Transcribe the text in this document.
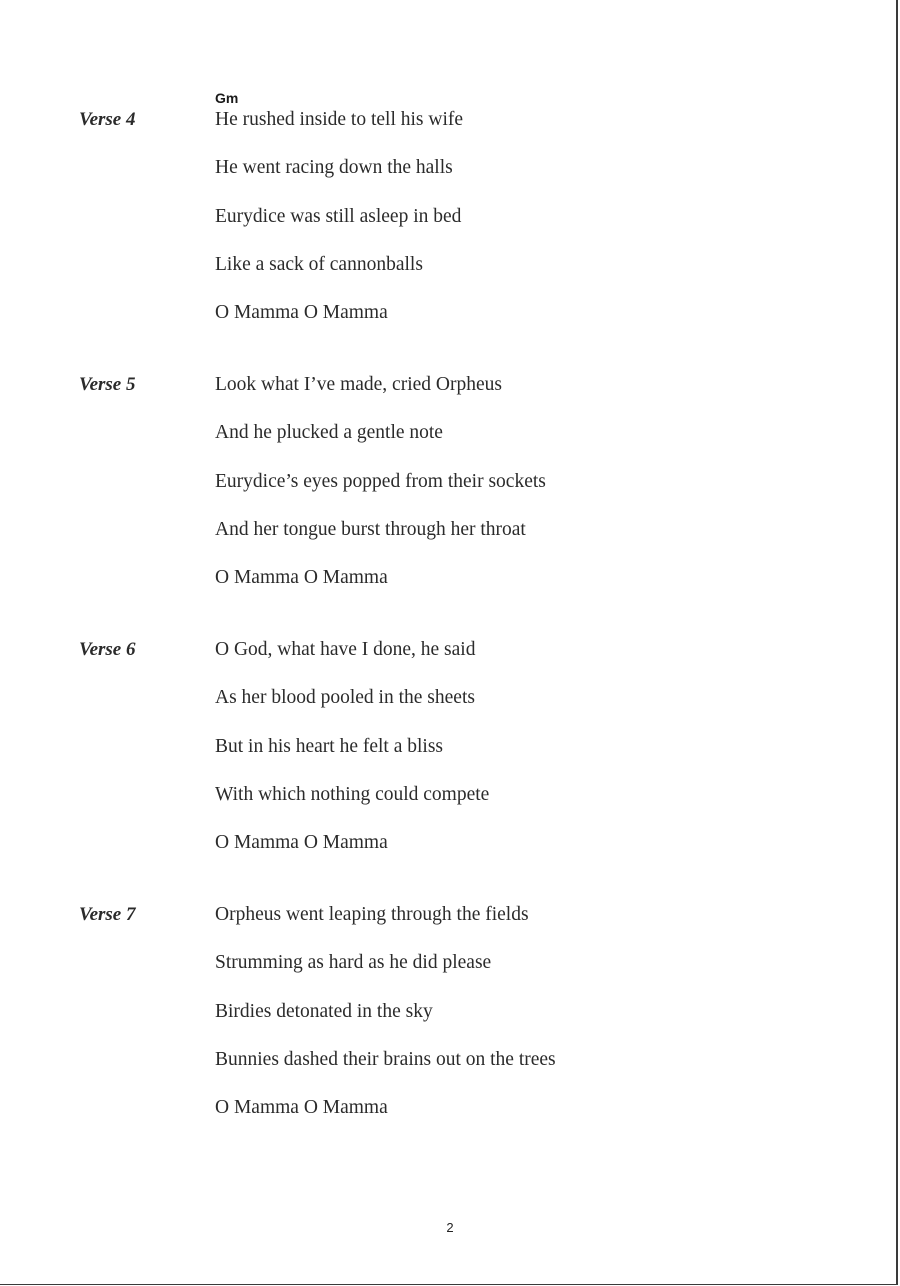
Gm
Verse 4	He rushed inside to tell his wife
He went racing down the halls
Eurydice was still asleep in bed
Like a sack of cannonballs
O Mamma O Mamma
Verse 5	Look what I’ve made, cried Orpheus
And he plucked a gentle note
Eurydice’s eyes popped from their sockets
And her tongue burst through her throat
O Mamma O Mamma
Verse 6	O God, what have I done, he said
As her blood pooled in the sheets
But in his heart he felt a bliss
With which nothing could compete
O Mamma O Mamma
Verse 7	Orpheus went leaping through the fields
Strumming as hard as he did please
Birdies detonated in the sky
Bunnies dashed their brains out on the trees
O Mamma O Mamma
2
